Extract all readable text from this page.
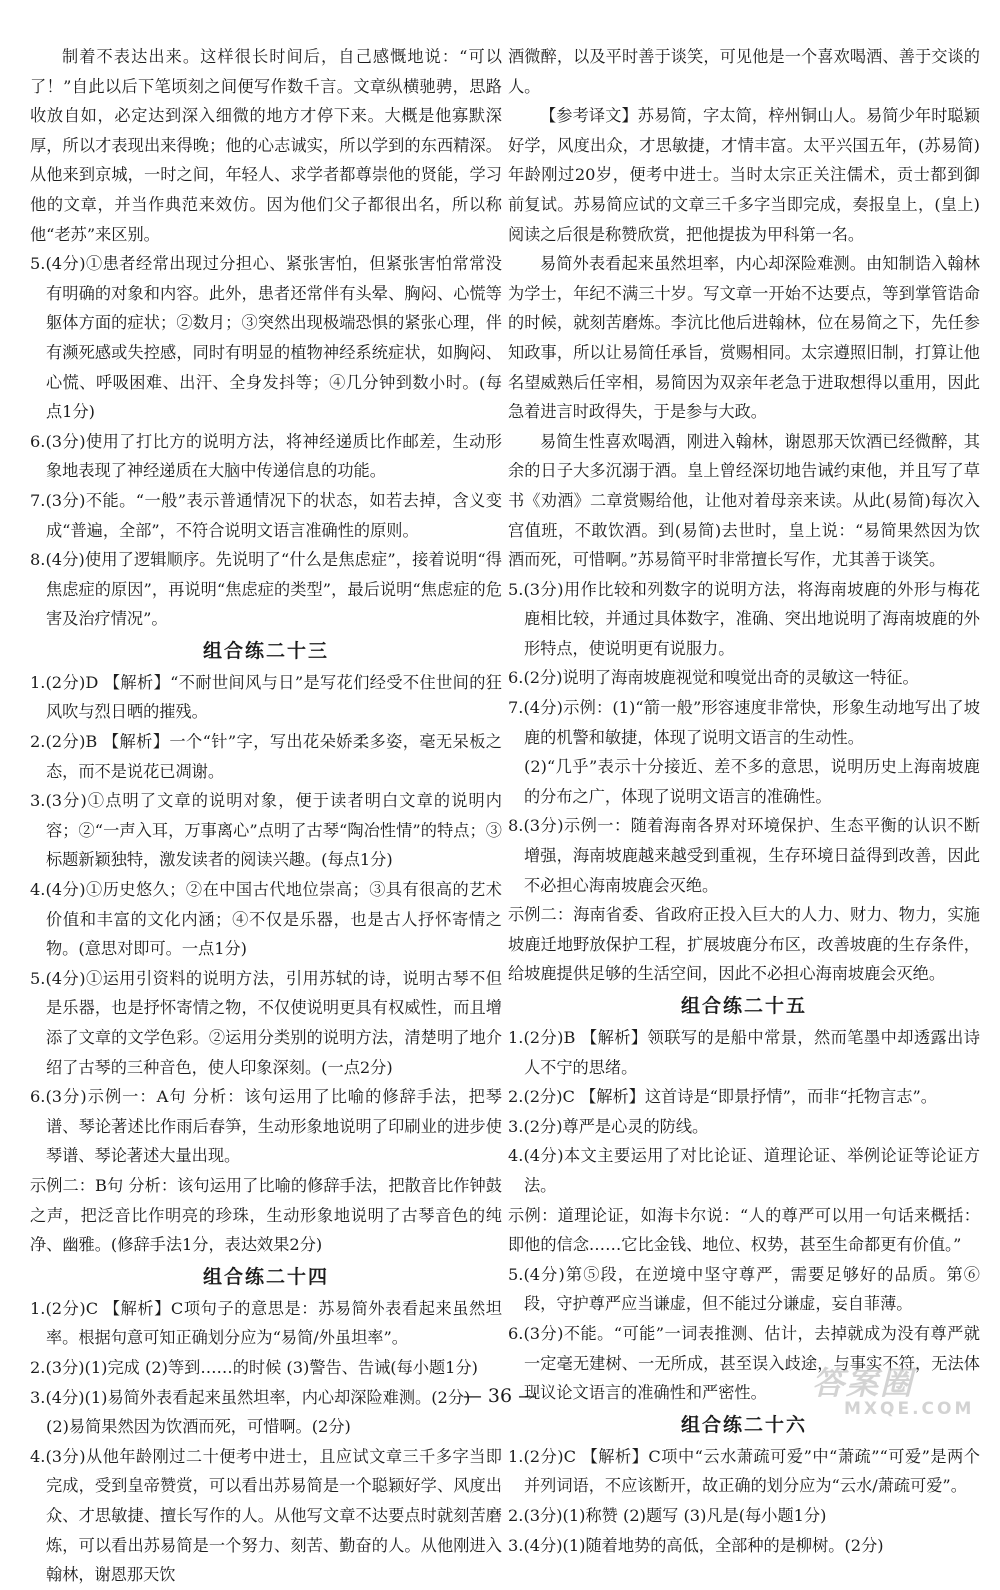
制着不表达出来。这样很长时间后，自己感慨地说：“可以了！”自此以后下笔顷刻之间便写作数千言。文章纵横驰骋，思路收放自如，必定达到深入细微的地方才停下来。大概是他寡默深厚，所以才表现出来得晚；他的心志诚实，所以学到的东西精深。从他来到京城，一时之间，年轻人、求学者都尊崇他的贤能，学习他的文章，并当作典范来效仿。因为他们父子都很出名，所以称他“老苏”来区别。

5.(4分)①患者经常出现过分担心、紧张害怕，但紧张害怕常常没有明确的对象和内容。此外，患者还常伴有头晕、胸闷、心慌等躯体方面的症状；②数月；③突然出现极端恐惧的紧张心理，伴有濒死感或失控感，同时有明显的植物神经系统症状，如胸闷、心慌、呼吸困难、出汗、全身发抖等；④几分钟到数小时。(每点1分)

6.(3分)使用了打比方的说明方法，将神经递质比作邮差，生动形象地表现了神经递质在大脑中传递信息的功能。

7.(3分)不能。“一般”表示普通情况下的状态，如若去掉，含义变成“普遍，全部”，不符合说明文语言准确性的原则。

8.(4分)使用了逻辑顺序。先说明了“什么是焦虑症”，接着说明“得焦虑症的原因”，再说明“焦虑症的类型”，最后说明“焦虑症的危害及治疗情况”。

组合练二十三

1.(2分)D 【解析】“不耐世间风与日”是写花们经受不住世间的狂风吹与烈日晒的摧残。

2.(2分)B 【解析】一个“针”字，写出花朵娇柔多姿，毫无呆板之态，而不是说花已凋谢。

3.(3分)①点明了文章的说明对象，便于读者明白文章的说明内容；②“一声入耳，万事离心”点明了古琴“陶冶性情”的特点；③标题新颖独特，激发读者的阅读兴趣。(每点1分)

4.(4分)①历史悠久；②在中国古代地位崇高；③具有很高的艺术价值和丰富的文化内涵；④不仅是乐器，也是古人抒怀寄情之物。(意思对即可。一点1分)

5.(4分)①运用引资料的说明方法，引用苏轼的诗，说明古琴不但是乐器，也是抒怀寄情之物，不仅使说明更具有权威性，而且增添了文章的文学色彩。②运用分类别的说明方法，清楚明了地介绍了古琴的三种音色，使人印象深刻。(一点2分)

6.(3分)示例一：A句 分析：该句运用了比喻的修辞手法，把琴谱、琴论著述比作雨后春笋，生动形象地说明了印刷业的进步使琴谱、琴论著述大量出现。

示例二：B句 分析：该句运用了比喻的修辞手法，把散音比作钟鼓之声，把泛音比作明亮的珍珠，生动形象地说明了古琴音色的纯净、幽雅。(修辞手法1分，表达效果2分)

组合练二十四

1.(2分)C 【解析】C项句子的意思是：苏易简外表看起来虽然坦率。根据句意可知正确划分应为“易简/外虽坦率”。

2.(3分)(1)完成 (2)等到……的时候 (3)警告、告诫(每小题1分)

3.(4分)(1)易简外表看起来虽然坦率，内心却深险难测。(2分)

(2)易简果然因为饮酒而死，可惜啊。(2分)

4.(3分)从他年龄刚过二十便考中进士，且应试文章三千多字当即完成，受到皇帝赞赏，可以看出苏易简是一个聪颖好学、风度出众、才思敏捷、擅长写作的人。从他写文章不达要点时就刻苦磨炼，可以看出苏易简是一个努力、刻苦、勤奋的人。从他刚进入翰林，谢恩那天饮

酒微醉，以及平时善于谈笑，可见他是一个喜欢喝酒、善于交谈的人。

【参考译文】苏易简，字太简，梓州铜山人。易简少年时聪颖好学，风度出众，才思敏捷，才情丰富。太平兴国五年，(苏易简)年龄刚过20岁，便考中进士。当时太宗正关注儒术，贡士都到御前复试。苏易简应试的文章三千多字当即完成，奏报皇上，(皇上)阅读之后很是称赞欣赏，把他提拔为甲科第一名。

易简外表看起来虽然坦率，内心却深险难测。由知制诰入翰林为学士，年纪不满三十岁。写文章一开始不达要点，等到掌管诰命的时候，就刻苦磨炼。李沆比他后进翰林，位在易简之下，先任参知政事，所以让易简任承旨，赏赐相同。太宗遵照旧制，打算让他名望威熟后任宰相，易简因为双亲年老急于进取想得以重用，因此急着进言时政得失，于是参与大政。

易简生性喜欢喝酒，刚进入翰林，谢恩那天饮酒已经微醉，其余的日子大多沉溺于酒。皇上曾经深切地告诫约束他，并且写了草书《劝酒》二章赏赐给他，让他对着母亲来读。从此(易简)每次入宫值班，不敢饮酒。到(易简)去世时，皇上说：“易简果然因为饮酒而死，可惜啊。”苏易简平时非常擅长写作，尤其善于谈笑。

5.(3分)用作比较和列数字的说明方法，将海南坡鹿的外形与梅花鹿相比较，并通过具体数字，准确、突出地说明了海南坡鹿的外形特点，使说明更有说服力。

6.(2分)说明了海南坡鹿视觉和嗅觉出奇的灵敏这一特征。

7.(4分)示例：(1)“箭一般”形容速度非常快，形象生动地写出了坡鹿的机警和敏捷，体现了说明文语言的生动性。

(2)“几乎”表示十分接近、差不多的意思，说明历史上海南坡鹿的分布之广，体现了说明文语言的准确性。

8.(3分)示例一：随着海南各界对环境保护、生态平衡的认识不断增强，海南坡鹿越来越受到重视，生存环境日益得到改善，因此不必担心海南坡鹿会灭绝。

示例二：海南省委、省政府正投入巨大的人力、财力、物力，实施坡鹿迁地野放保护工程，扩展坡鹿分布区，改善坡鹿的生存条件，给坡鹿提供足够的生活空间，因此不必担心海南坡鹿会灭绝。

组合练二十五

1.(2分)B 【解析】领联写的是船中常景，然而笔墨中却透露出诗人不宁的思绪。

2.(2分)C 【解析】这首诗是“即景抒情”，而非“托物言志”。

3.(2分)尊严是心灵的防线。

4.(4分)本文主要运用了对比论证、道理论证、举例论证等论证方法。

示例：道理论证，如海卡尔说：“人的尊严可以用一句话来概括：即他的信念……它比金钱、地位、权势，甚至生命都更有价值。”

5.(4分)第⑤段，在逆境中坚守尊严，需要足够好的品质。第⑥段，守护尊严应当谦虚，但不能过分谦虚，妄自菲薄。

6.(3分)不能。“可能”一词表推测、估计，去掉就成为没有尊严就一定毫无建树、一无所成，甚至误入歧途，与事实不符，无法体现议论文语言的准确性和严密性。

组合练二十六

1.(2分)C 【解析】C项中“云水萧疏可爱”中“萧疏”“可爱”是两个并列词语，不应该断开，故正确的划分应为“云水/萧疏可爱”。

2.(3分)(1)称赞 (2)题写 (3)凡是(每小题1分)

3.(4分)(1)随着地势的高低，全部种的是柳树。(2分)

— 36 —	答案圈
MXQE.COM
